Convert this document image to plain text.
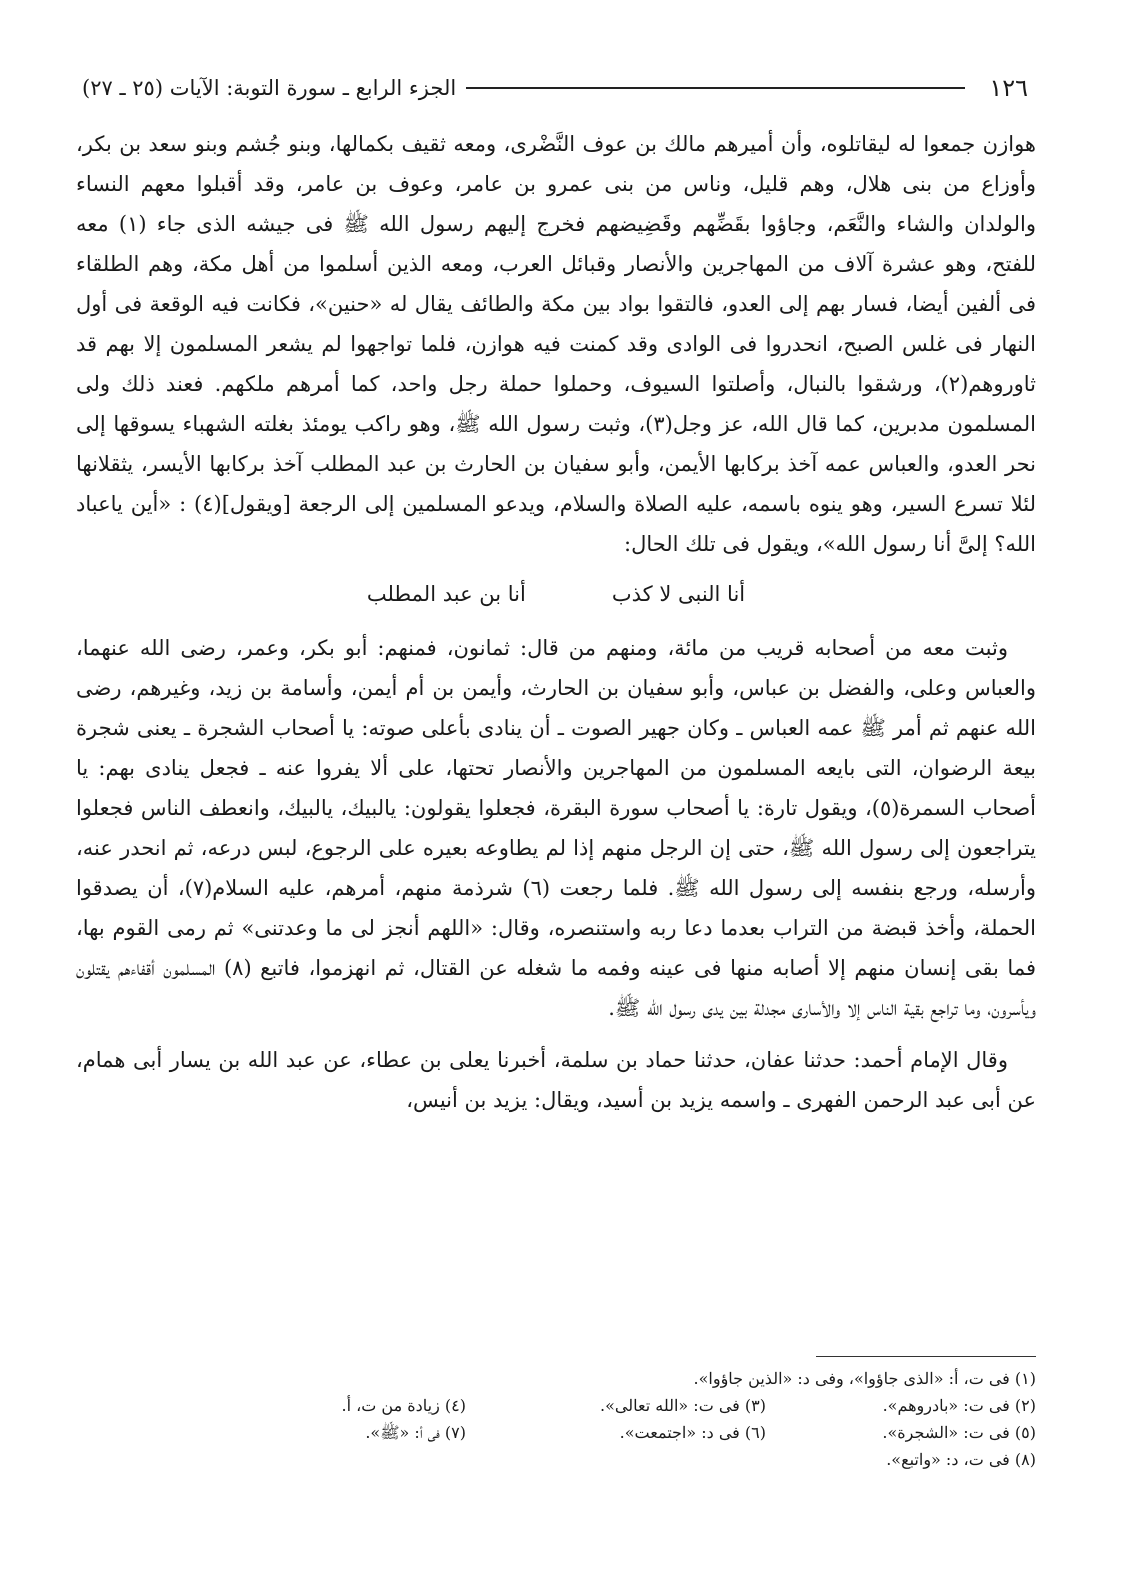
١٢٦
الجزء الرابع ـ سورة التوبة: الآيات (٢٥ ـ ٢٧)

هوازن جمعوا له ليقاتلوه، وأن أميرهم مالك بن عوف النَّضْرى، ومعه ثقيف بكمالها، وبنو جُشم وبنو سعد بن بكر، وأوزاع من بنى هلال، وهم قليل، وناس من بنى عمرو بن عامر، وعوف بن عامر، وقد أقبلوا معهم النساء والولدان والشاء والنَّعَم، وجاؤوا بقَضِّهم وقَضِيضهم فخرج إليهم رسول الله ﷺ فى جيشه الذى جاء (١) معه للفتح، وهو عشرة آلاف من المهاجرين والأنصار وقبائل العرب، ومعه الذين أسلموا من أهل مكة، وهم الطلقاء فى ألفين أيضا، فسار بهم إلى العدو، فالتقوا بواد بين مكة والطائف يقال له «حنين»، فكانت فيه الوقعة فى أول النهار فى غلس الصبح، انحدروا فى الوادى وقد كمنت فيه هوازن، فلما تواجهوا لم يشعر المسلمون إلا بهم قد ثاوروهم(٢)، ورشقوا بالنبال، وأصلتوا السيوف، وحملوا حملة رجل واحد، كما أمرهم ملكهم. فعند ذلك ولى المسلمون مدبرين، كما قال الله، عز وجل(٣)، وثبت رسول الله ﷺ، وهو راكب يومئذ بغلته الشهباء يسوقها إلى نحر العدو، والعباس عمه آخذ بركابها الأيمن، وأبو سفيان بن الحارث بن عبد المطلب آخذ بركابها الأيسر، يثقلانها لئلا تسرع السير، وهو ينوه باسمه، عليه الصلاة والسلام، ويدعو المسلمين إلى الرجعة [ويقول](٤) : «أين ياعباد الله؟ إلىَّ أنا رسول الله»، ويقول فى تلك الحال:

أنا النبى لا كذب
أنا بن عبد المطلب

وثبت معه من أصحابه قريب من مائة، ومنهم من قال: ثمانون، فمنهم: أبو بكر، وعمر، رضى الله عنهما، والعباس وعلى، والفضل بن عباس، وأبو سفيان بن الحارث، وأيمن بن أم أيمن، وأسامة بن زيد، وغيرهم، رضى الله عنهم ثم أمر ﷺ عمه العباس ـ وكان جهير الصوت ـ أن ينادى بأعلى صوته: يا أصحاب الشجرة ـ يعنى شجرة بيعة الرضوان، التى بايعه المسلمون من المهاجرين والأنصار تحتها، على ألا يفروا عنه ـ فجعل ينادى بهم: يا أصحاب السمرة(٥)، ويقول تارة: يا أصحاب سورة البقرة، فجعلوا يقولون: يالبيك، يالبيك، وانعطف الناس فجعلوا يتراجعون إلى رسول الله ﷺ، حتى إن الرجل منهم إذا لم يطاوعه بعيره على الرجوع، لبس درعه، ثم انحدر عنه، وأرسله، ورجع بنفسه إلى رسول الله ﷺ. فلما رجعت (٦) شرذمة منهم، أمرهم، عليه السلام(٧)، أن يصدقوا الحملة، وأخذ قبضة من التراب بعدما دعا ربه واستنصره، وقال: «اللهم أنجز لى ما وعدتنى» ثم رمى القوم بها، فما بقى إنسان منهم إلا أصابه منها فى عينه وفمه ما شغله عن القتال، ثم انهزموا، فاتبع (٨) المسلمون أقفاءهم يقتلون ويأسرون، وما تراجع بقية الناس إلا والأسارى مجدلة بين يدى رسول الله ﷺ.

وقال الإمام أحمد: حدثنا عفان، حدثنا حماد بن سلمة، أخبرنا يعلى بن عطاء، عن عبد الله بن يسار أبى همام، عن أبى عبد الرحمن الفهرى ـ واسمه يزيد بن أسيد، ويقال: يزيد بن أنيس،

(١) فى ت، أ: «الذى جاؤوا»، وفى د: «الذين جاؤوا».
(٢) فى ت: «بادروهم».
(٣) فى ت: «الله تعالى».
(٤) زيادة من ت، أ.
(٥) فى ت: «الشجرة».
(٦) فى د: «اجتمعت».
(٧) فى أ: «ﷺ».
(٨) فى ت، د: «واتبع».
